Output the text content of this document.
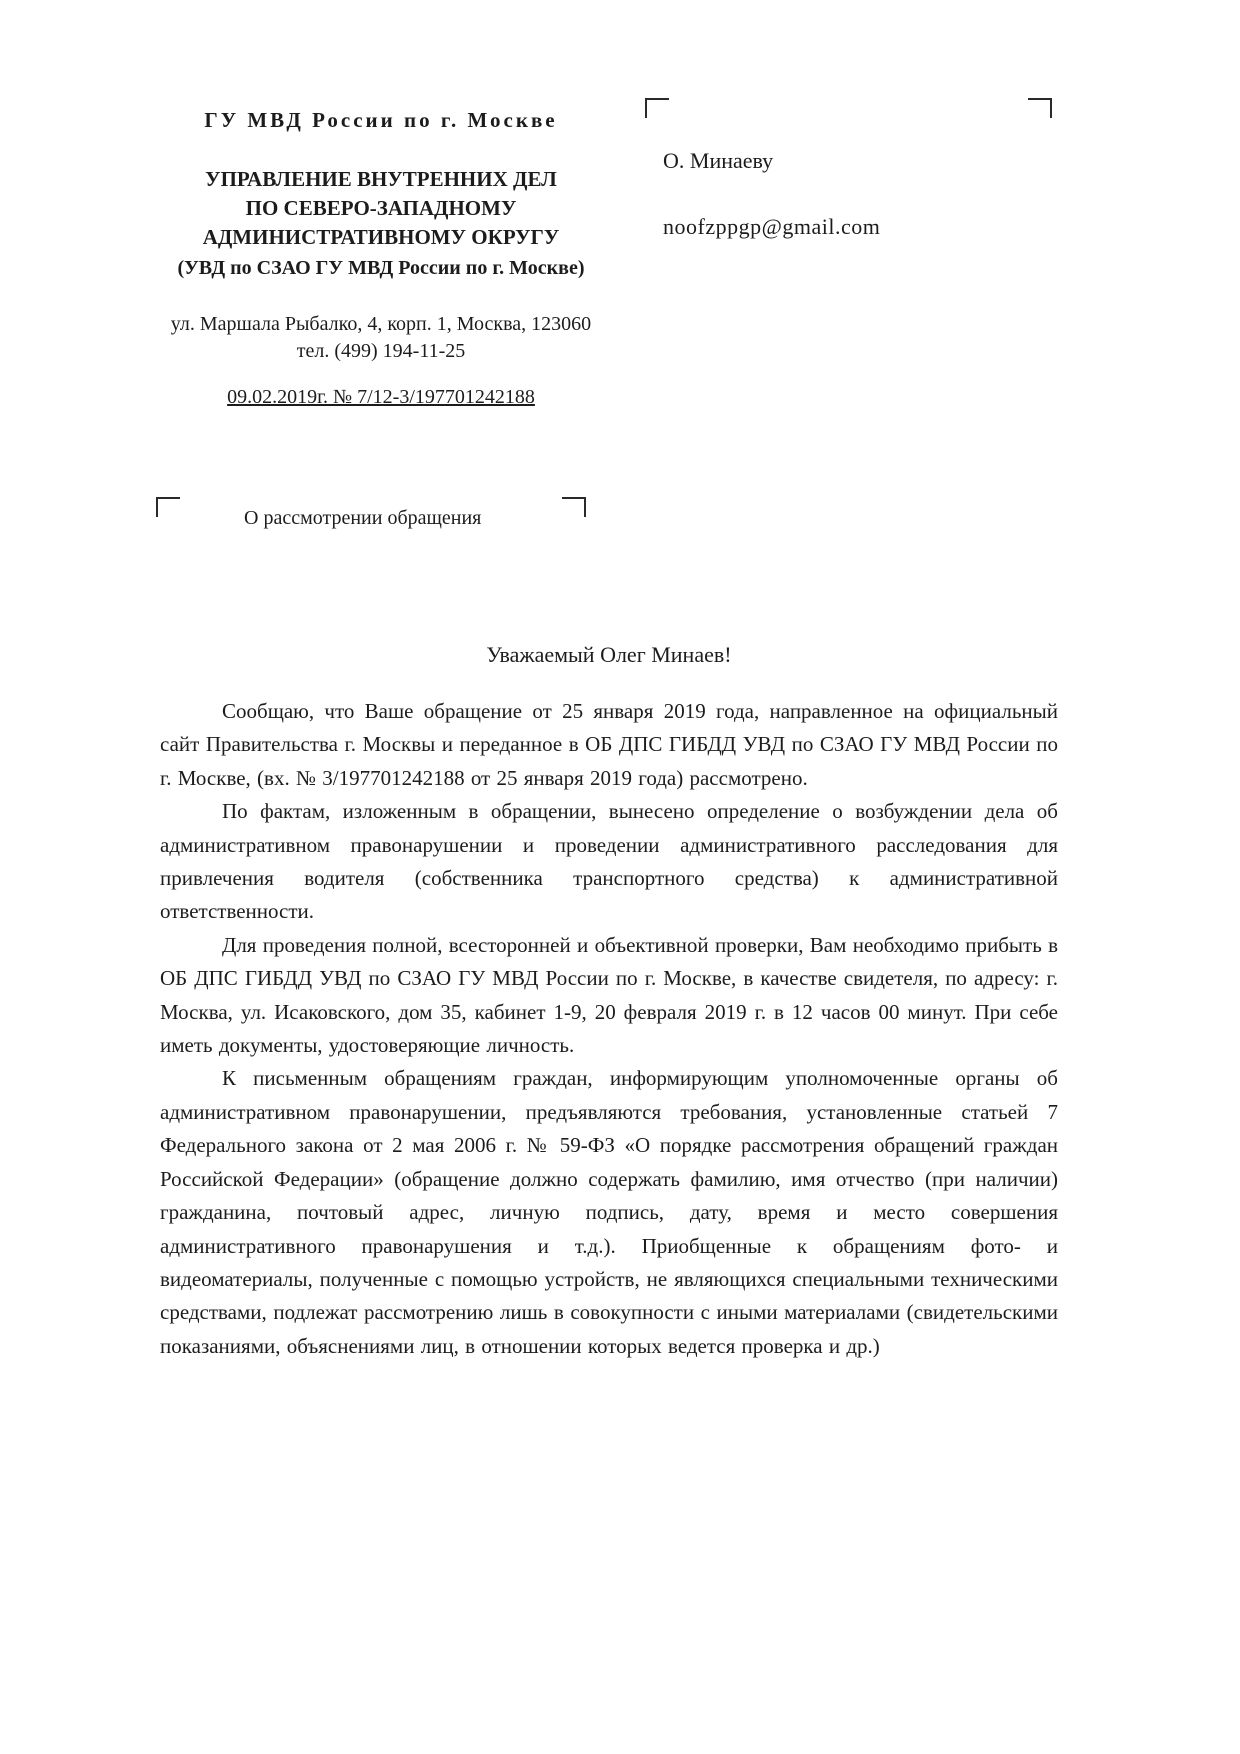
ГУ МВД России по г. Москве
УПРАВЛЕНИЕ ВНУТРЕННИХ ДЕЛ
ПО СЕВЕРО-ЗАПАДНОМУ
АДМИНИСТРАТИВНОМУ ОКРУГУ
(УВД по СЗАО ГУ МВД России по г. Москве)
ул. Маршала Рыбалко, 4, корп. 1, Москва, 123060
тел. (499) 194-11-25
09.02.2019г. № 7/12-3/197701242188
О. Минаеву
noofzppgp@gmail.com
О рассмотрении обращения

Уважаемый Олег Минаев!

Сообщаю, что Ваше обращение от 25 января 2019 года, направленное на официальный сайт Правительства г. Москвы и переданное в ОБ ДПС ГИБДД УВД по СЗАО ГУ МВД России по г. Москве, (вх. № 3/197701242188 от 25 января 2019 года) рассмотрено.

По фактам, изложенным в обращении, вынесено определение о возбуждении дела об административном правонарушении и проведении административного расследования для привлечения водителя (собственника транспортного средства) к административной ответственности.

Для проведения полной, всесторонней и объективной проверки, Вам необходимо прибыть в ОБ ДПС ГИБДД УВД по СЗАО ГУ МВД России по г. Москве, в качестве свидетеля, по адресу: г. Москва, ул. Исаковского, дом 35, кабинет 1-9, 20 февраля 2019 г. в 12 часов 00 минут. При себе иметь документы, удостоверяющие личность.

К письменным обращениям граждан, информирующим уполномоченные органы об административном правонарушении, предъявляются требования, установленные статьей 7 Федерального закона от 2 мая 2006 г. № 59-ФЗ «О порядке рассмотрения обращений граждан Российской Федерации» (обращение должно содержать фамилию, имя отчество (при наличии) гражданина, почтовый адрес, личную подпись, дату, время и место совершения административного правонарушения и т.д.). Приобщенные к обращениям фото- и видеоматериалы, полученные с помощью устройств, не являющихся специальными техническими средствами, подлежат рассмотрению лишь в совокупности с иными материалами (свидетельскими показаниями, объяснениями лиц, в отношении которых ведется проверка и др.)
